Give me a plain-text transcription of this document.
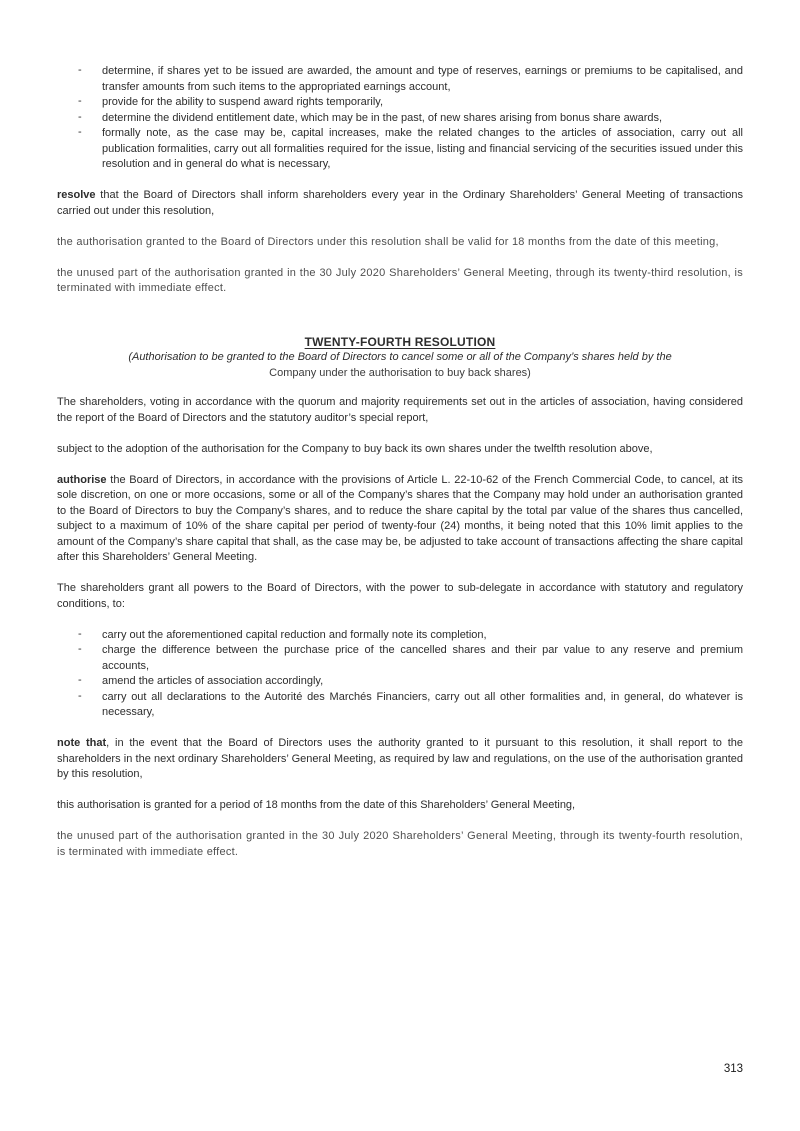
- determine, if shares yet to be issued are awarded, the amount and type of reserves, earnings or premiums to be capitalised, and transfer amounts from such items to the appropriated earnings account,
- provide for the ability to suspend award rights temporarily,
- determine the dividend entitlement date, which may be in the past, of new shares arising from bonus share awards,
- formally note, as the case may be, capital increases, make the related changes to the articles of association, carry out all publication formalities, carry out all formalities required for the issue, listing and financial servicing of the securities issued under this resolution and in general do what is necessary,

resolve that the Board of Directors shall inform shareholders every year in the Ordinary Shareholders’ General Meeting of transactions carried out under this resolution,

the authorisation granted to the Board of Directors under this resolution shall be valid for 18 months from the date of this meeting,

the unused part of the authorisation granted in the 30 July 2020 Shareholders’ General Meeting, through its twenty-third resolution, is terminated with immediate effect.

TWENTY-FOURTH RESOLUTION
(Authorisation to be granted to the Board of Directors to cancel some or all of the Company’s shares held by the
Company under the authorisation to buy back shares)

The shareholders, voting in accordance with the quorum and majority requirements set out in the articles of association, having considered the report of the Board of Directors and the statutory auditor’s special report,

subject to the adoption of the authorisation for the Company to buy back its own shares under the twelfth resolution above,

authorise the Board of Directors, in accordance with the provisions of Article L. 22-10-62 of the French Commercial Code, to cancel, at its sole discretion, on one or more occasions, some or all of the Company’s shares that the Company may hold under an authorisation granted to the Board of Directors to buy the Company’s shares, and to reduce the share capital by the total par value of the shares thus cancelled, subject to a maximum of 10% of the share capital per period of twenty-four (24) months, it being noted that this 10% limit applies to the amount of the Company’s share capital that shall, as the case may be, be adjusted to take account of transactions affecting the share capital after this Shareholders’ General Meeting.

The shareholders grant all powers to the Board of Directors, with the power to sub-delegate in accordance with statutory and regulatory conditions, to:

- carry out the aforementioned capital reduction and formally note its completion,
- charge the difference between the purchase price of the cancelled shares and their par value to any reserve and premium accounts,
- amend the articles of association accordingly,
- carry out all declarations to the Autorité des Marchés Financiers, carry out all other formalities and, in general, do whatever is necessary,

note that, in the event that the Board of Directors uses the authority granted to it pursuant to this resolution, it shall report to the shareholders in the next ordinary Shareholders’ General Meeting, as required by law and regulations, on the use of the authorisation granted by this resolution,

this authorisation is granted for a period of 18 months from the date of this Shareholders’ General Meeting,

the unused part of the authorisation granted in the 30 July 2020 Shareholders’ General Meeting, through its twenty-fourth resolution, is terminated with immediate effect.

313
